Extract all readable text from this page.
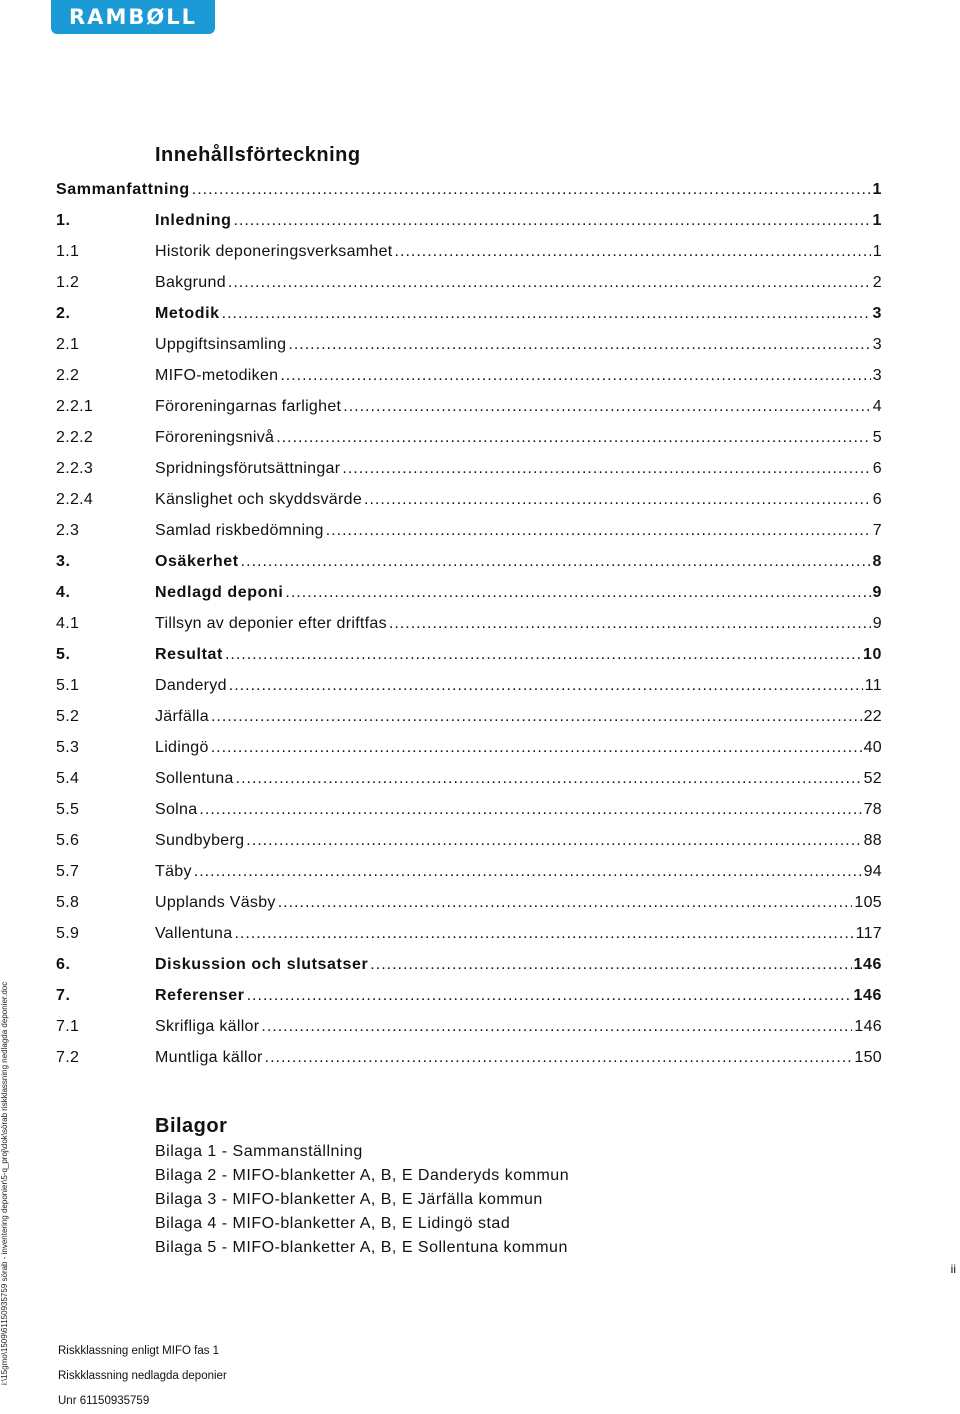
RAMBØLL
Innehållsförteckning
Sammanfattning .....	1
1.	Inledning .....	1
1.1	Historik deponeringsverksamhet .....	1
1.2	Bakgrund .....	2
2.	Metodik .....	3
2.1	Uppgiftsinsamling .....	3
2.2	MIFO-metodiken .....	3
2.2.1	Föroreningarnas farlighet .....	4
2.2.2	Föroreningsnivå .....	5
2.2.3	Spridningsförutsättningar .....	6
2.2.4	Känslighet och skyddsvärde .....	6
2.3	Samlad riskbedömning .....	7
3.	Osäkerhet .....	8
4.	Nedlagd deponi .....	9
4.1	Tillsyn av deponier efter driftfas .....	9
5.	Resultat .....	10
5.1	Danderyd .....	11
5.2	Järfälla .....	22
5.3	Lidingö .....	40
5.4	Sollentuna .....	52
5.5	Solna .....	78
5.6	Sundbyberg .....	88
5.7	Täby .....	94
5.8	Upplands Väsby .....	105
5.9	Vallentuna .....	117
6.	Diskussion och slutsatser .....	146
7.	Referenser .....	146
7.1	Skrifliga källor .....	146
7.2	Muntliga källor .....	150
Bilagor
Bilaga 1 - Sammanställning
Bilaga 2 - MIFO-blanketter A, B, E Danderyds kommun
Bilaga 3 - MIFO-blanketter A, B, E Järfälla kommun
Bilaga 4 - MIFO-blanketter A, B, E Lidingö stad
Bilaga 5 - MIFO-blanketter A, B, E Sollentuna kommun
i:\15gmo\1509\61150935759 sörab - inventering deponier\5-q_proj\dok\sörab riskklassning nedlagda deponier.doc	ii
Riskklassning enligt MIFO fas 1
Riskklassning nedlagda deponier
Unr 61150935759
